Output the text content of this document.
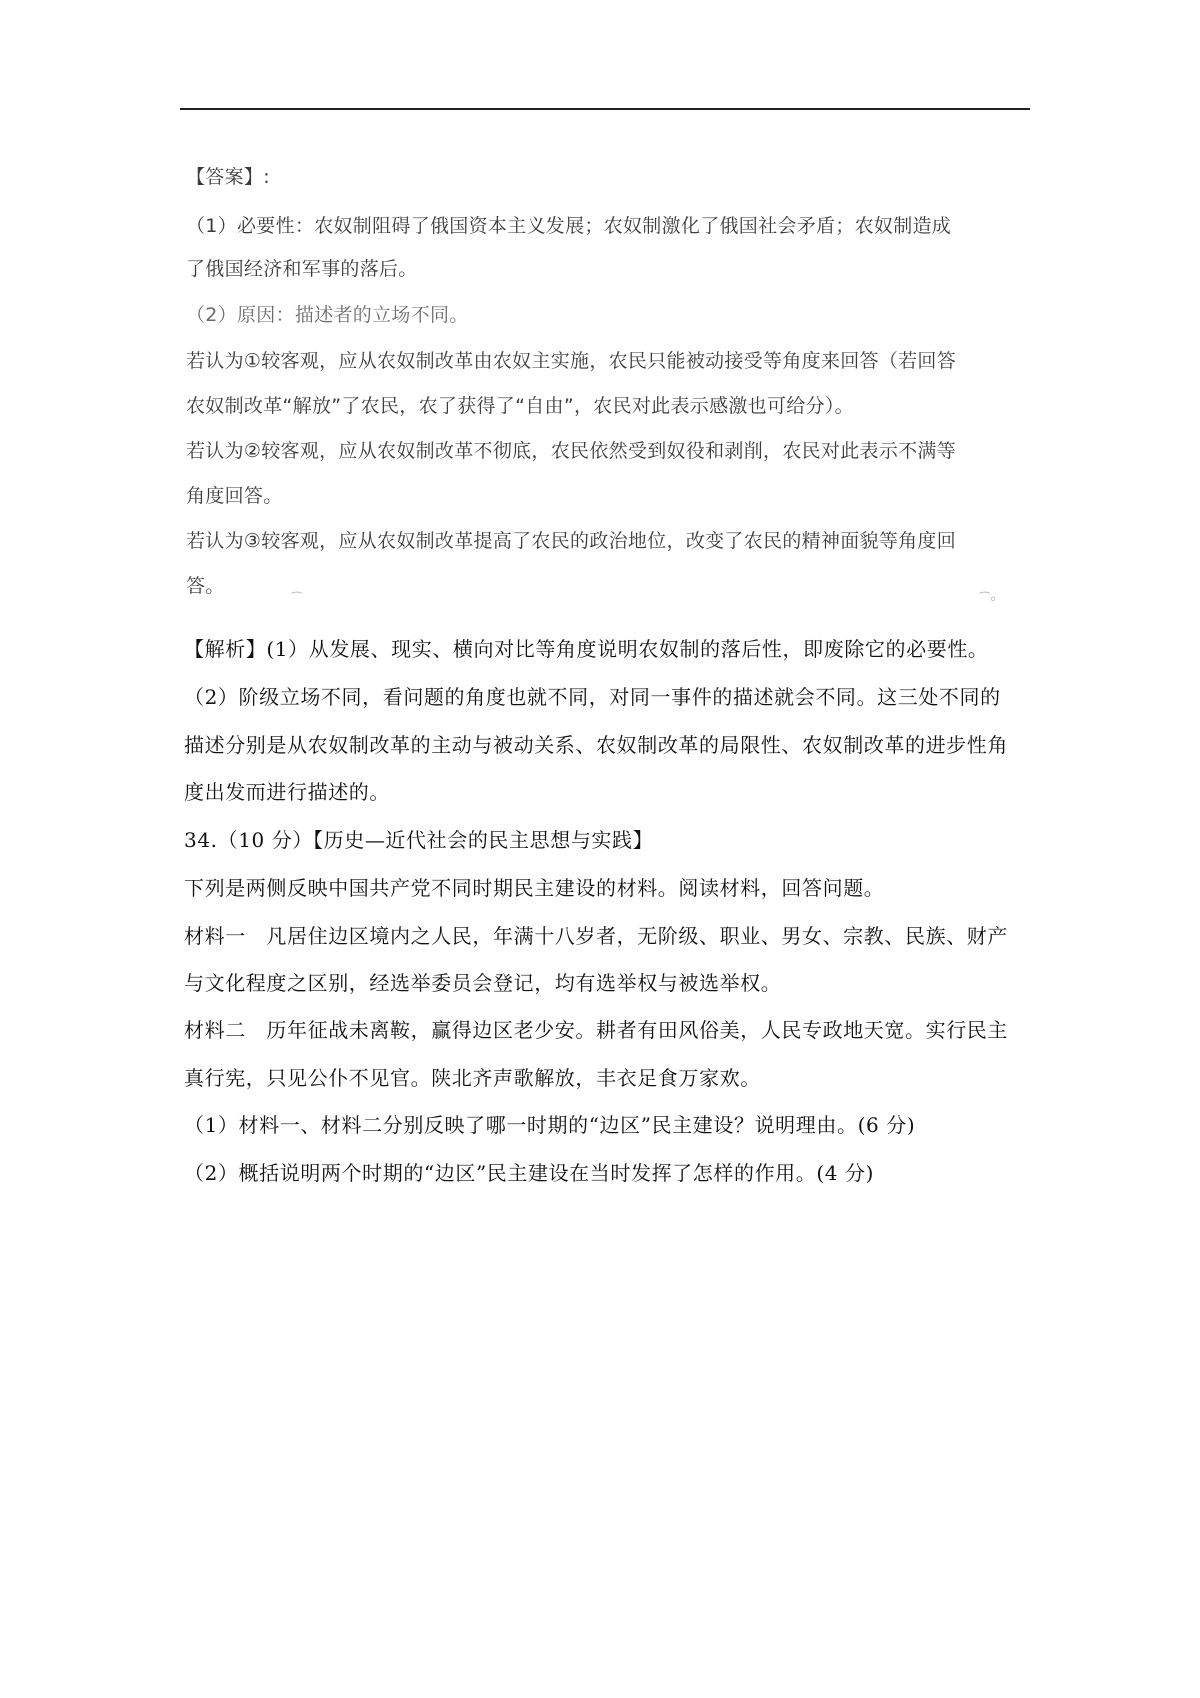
【答案】:
（1）必要性：农奴制阻碍了俄国资本主义发展；农奴制激化了俄国社会矛盾；农奴制造成
了俄国经济和军事的落后。
（2）原因：描述者的立场不同。
若认为①较客观，应从农奴制改革由农奴主实施，农民只能被动接受等角度来回答（若回答
农奴制改革“解放”了农民，农了获得了“自由”，农民对此表示感激也可给分）。
若认为②较客观，应从农奴制改革不彻底，农民依然受到奴役和剥削，农民对此表示不满等
角度回答。
若认为③较客观，应从农奴制改革提高了农民的政治地位，改变了农民的精神面貌等角度回
答。
⁀	⁀⸰
【解析】(1）从发展、现实、横向对比等角度说明农奴制的落后性，即废除它的必要性。
（2）阶级立场不同，看问题的角度也就不同，对同一事件的描述就会不同。这三处不同的
描述分别是从农奴制改革的主动与被动关系、农奴制改革的局限性、农奴制改革的进步性角
度出发而进行描述的。
34.（10 分）【历史—近代社会的民主思想与实践】
下列是两侧反映中国共产党不同时期民主建设的材料。阅读材料，回答问题。
材料一　凡居住边区境内之人民，年满十八岁者，无阶级、职业、男女、宗教、民族、财产
与文化程度之区别，经选举委员会登记，均有选举权与被选举权。
材料二　历年征战未离鞍，赢得边区老少安。耕者有田风俗美，人民专政地天宽。实行民主
真行宪，只见公仆不见官。陕北齐声歌解放，丰衣足食万家欢。
（1）材料一、材料二分别反映了哪一时期的“边区”民主建设？说明理由。(6 分)
（2）概括说明两个时期的“边区”民主建设在当时发挥了怎样的作用。(4 分)
